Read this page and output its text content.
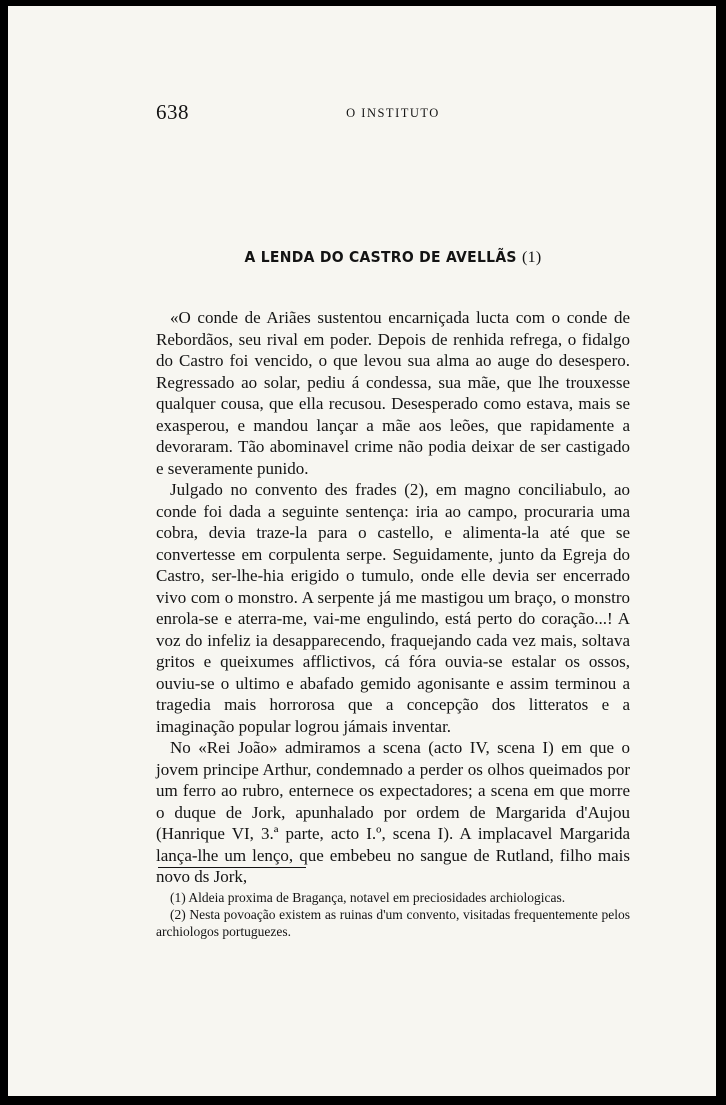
638	O INSTITUTO
A LENDA DO CASTRO DE AVELLÃS (1)

«O conde de Ariães sustentou encarniçada lucta com o conde de Rebordãos, seu rival em poder. Depois de renhida refrega, o fidalgo do Castro foi vencido, o que levou sua alma ao auge do desespero. Regressado ao solar, pediu á condessa, sua mãe, que lhe trouxesse qualquer cousa, que ella recusou. Desesperado como estava, mais se exasperou, e mandou lançar a mãe aos leões, que rapidamente a devoraram. Tão abominavel crime não podia deixar de ser castigado e severamente punido.

Julgado no convento des frades (2), em magno conciliabulo, ao conde foi dada a seguinte sentença: iria ao campo, procuraria uma cobra, devia traze-la para o castello, e alimenta-la até que se convertesse em corpulenta serpe. Seguidamente, junto da Egreja do Castro, ser-lhe-hia erigido o tumulo, onde elle devia ser encerrado vivo com o monstro. A serpente já me mastigou um braço, o monstro enrola-se e aterra-me, vai-me engulindo, está perto do coração...! A voz do infeliz ia desapparecendo, fraquejando cada vez mais, soltava gritos e queixumes afflictivos, cá fóra ouvia-se estalar os ossos, ouviu-se o ultimo e abafado gemido agonisante e assim terminou a tragedia mais horrorosa que a concepção dos litteratos e a imaginação popular logrou jámais inventar.

No «Rei João» admiramos a scena (acto IV, scena I) em que o jovem principe Arthur, condemnado a perder os olhos queimados por um ferro ao rubro, enternece os expectadores; a scena em que morre o duque de Jork, apunhalado por ordem de Margarida d'Aujou (Hanrique VI, 3.ª parte, acto I.º, scena I). A implacavel Margarida lança-lhe um lenço, que embebeu no sangue de Rutland, filho mais novo ds Jork,

(1) Aldeia proxima de Bragança, notavel em preciosidades archiologicas.

(2) Nesta povoação existem as ruinas d'um convento, visitadas frequentemente pelos archiologos portuguezes.
